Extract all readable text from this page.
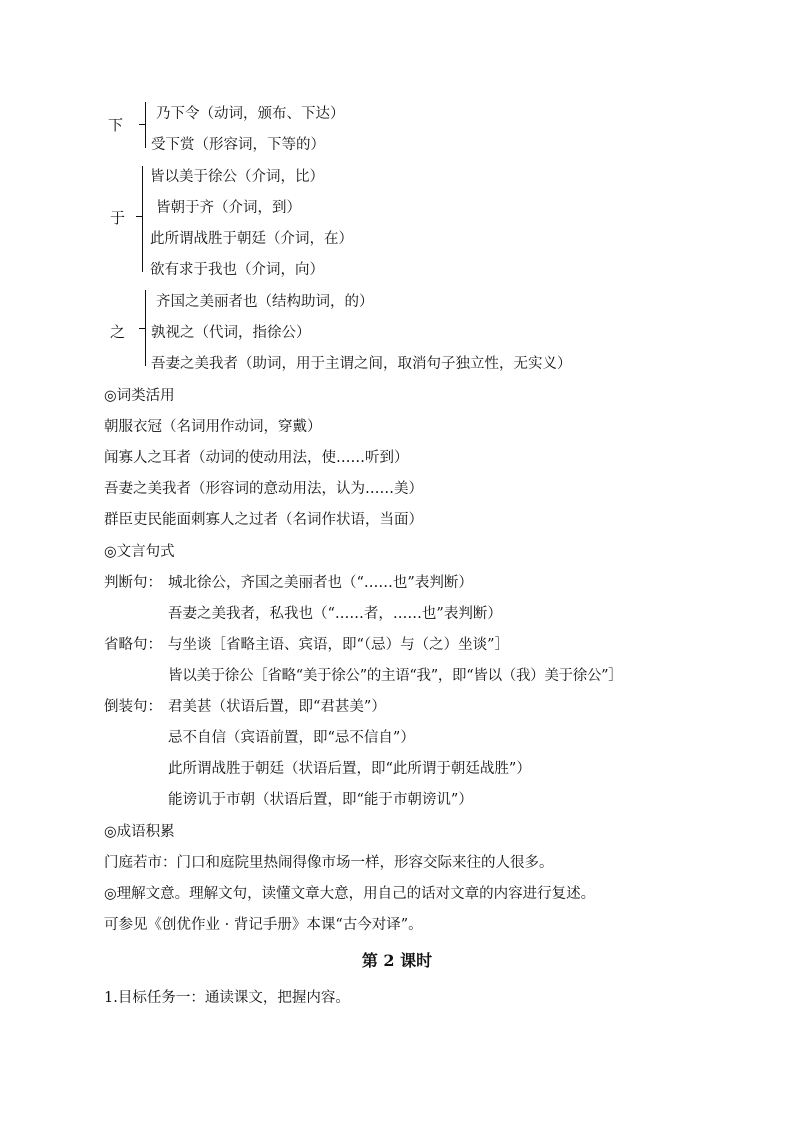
下
乃下令（动词，颁布、下达）
受下赏（形容词，下等的）
于
皆以美于徐公（介词，比）
皆朝于齐（介词，到）
此所谓战胜于朝廷（介词，在）
欲有求于我也（介词，向）
之
齐国之美丽者也（结构助词，的）
孰视之（代词，指徐公）
吾妻之美我者（助词，用于主谓之间，取消句子独立性，无实义）
◎词类活用
朝服衣冠（名词用作动词，穿戴）
闻寡人之耳者（动词的使动用法，使……听到）
吾妻之美我者（形容词的意动用法，认为……美）
群臣吏民能面刺寡人之过者（名词作状语，当面）
◎文言句式
判断句： 城北徐公，齐国之美丽者也（“……也”表判断）
吾妻之美我者，私我也（“……者，……也”表判断）
省略句： 与坐谈［省略主语、宾语，即“（忌）与（之）坐谈”］
皆以美于徐公［省略“美于徐公”的主语“我”，即“皆以（我）美于徐公”］
倒装句： 君美甚（状语后置，即“君甚美”）
忌不自信（宾语前置，即“忌不信自”）
此所谓战胜于朝廷（状语后置，即“此所谓于朝廷战胜”）
能谤讥于市朝（状语后置，即“能于市朝谤讥”）
◎成语积累
门庭若市：门口和庭院里热闹得像市场一样，形容交际来往的人很多。
◎理解文意。理解文句，读懂文章大意，用自己的话对文章的内容进行复述。
可参见《创优作业 · 背记手册》本课“古今对译”。
第 2 课时
1.目标任务一：通读课文，把握内容。
